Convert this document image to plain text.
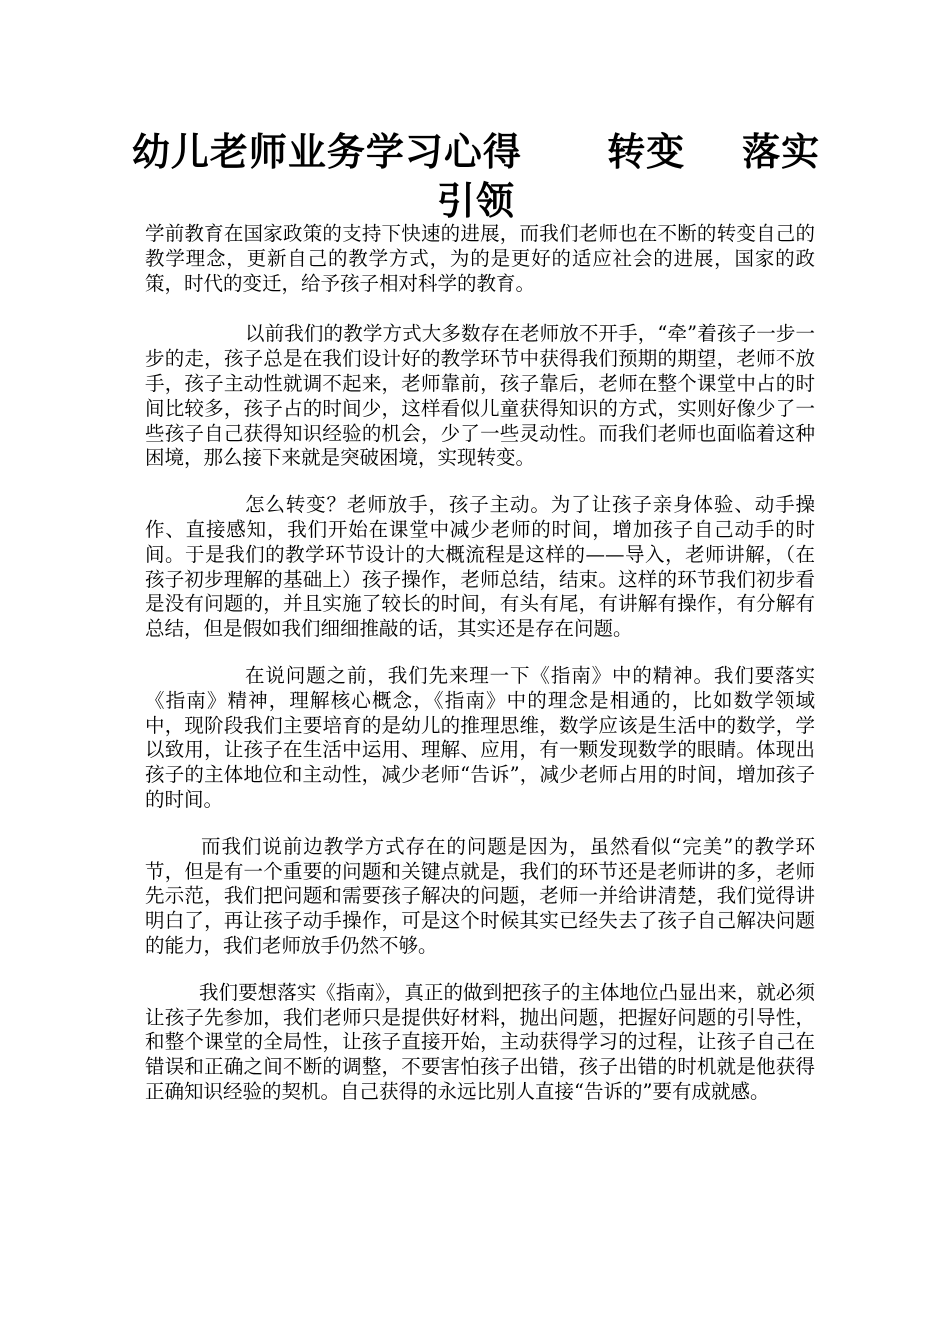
幼儿老师业务学习心得      转变    落实引领

学前教育在国家政策的支持下快速的进展，而我们老师也在不断的转变自己的教学理念，更新自己的教学方式，为的是更好的适应社会的进展，国家的政策，时代的变迁，给予孩子相对科学的教育。

以前我们的教学方式大多数存在老师放不开手，“牵”着孩子一步一步的走，孩子总是在我们设计好的教学环节中获得我们预期的期望，老师不放手，孩子主动性就调不起来，老师靠前，孩子靠后，老师在整个课堂中占的时间比较多，孩子占的时间少，这样看似儿童获得知识的方式，实则好像少了一些孩子自己获得知识经验的机会，少了一些灵动性。而我们老师也面临着这种困境，那么接下来就是突破困境，实现转变。

怎么转变？老师放手，孩子主动。为了让孩子亲身体验、动手操作、直接感知，我们开始在课堂中减少老师的时间，增加孩子自己动手的时间。于是我们的教学环节设计的大概流程是这样的——导入，老师讲解，（在孩子初步理解的基础上）孩子操作，老师总结，结束。这样的环节我们初步看是没有问题的，并且实施了较长的时间，有头有尾，有讲解有操作，有分解有总结，但是假如我们细细推敲的话，其实还是存在问题。

在说问题之前，我们先来理一下《指南》中的精神。我们要落实《指南》精神，理解核心概念，《指南》中的理念是相通的，比如数学领域中，现阶段我们主要培育的是幼儿的推理思维，数学应该是生活中的数学，学以致用，让孩子在生活中运用、理解、应用，有一颗发现数学的眼睛。体现出孩子的主体地位和主动性，减少老师“告诉”，减少老师占用的时间，增加孩子的时间。

而我们说前边教学方式存在的问题是因为，虽然看似“完美”的教学环节，但是有一个重要的问题和关键点就是，我们的环节还是老师讲的多，老师先示范，我们把问题和需要孩子解决的问题，老师一并给讲清楚，我们觉得讲明白了，再让孩子动手操作，可是这个时候其实已经失去了孩子自己解决问题的能力，我们老师放手仍然不够。

我们要想落实《指南》，真正的做到把孩子的主体地位凸显出来，就必须让孩子先参加，我们老师只是提供好材料，抛出问题，把握好问题的引导性，和整个课堂的全局性，让孩子直接开始，主动获得学习的过程，让孩子自己在错误和正确之间不断的调整，不要害怕孩子出错，孩子出错的时机就是他获得正确知识经验的契机。自己获得的永远比别人直接“告诉的”要有成就感。
